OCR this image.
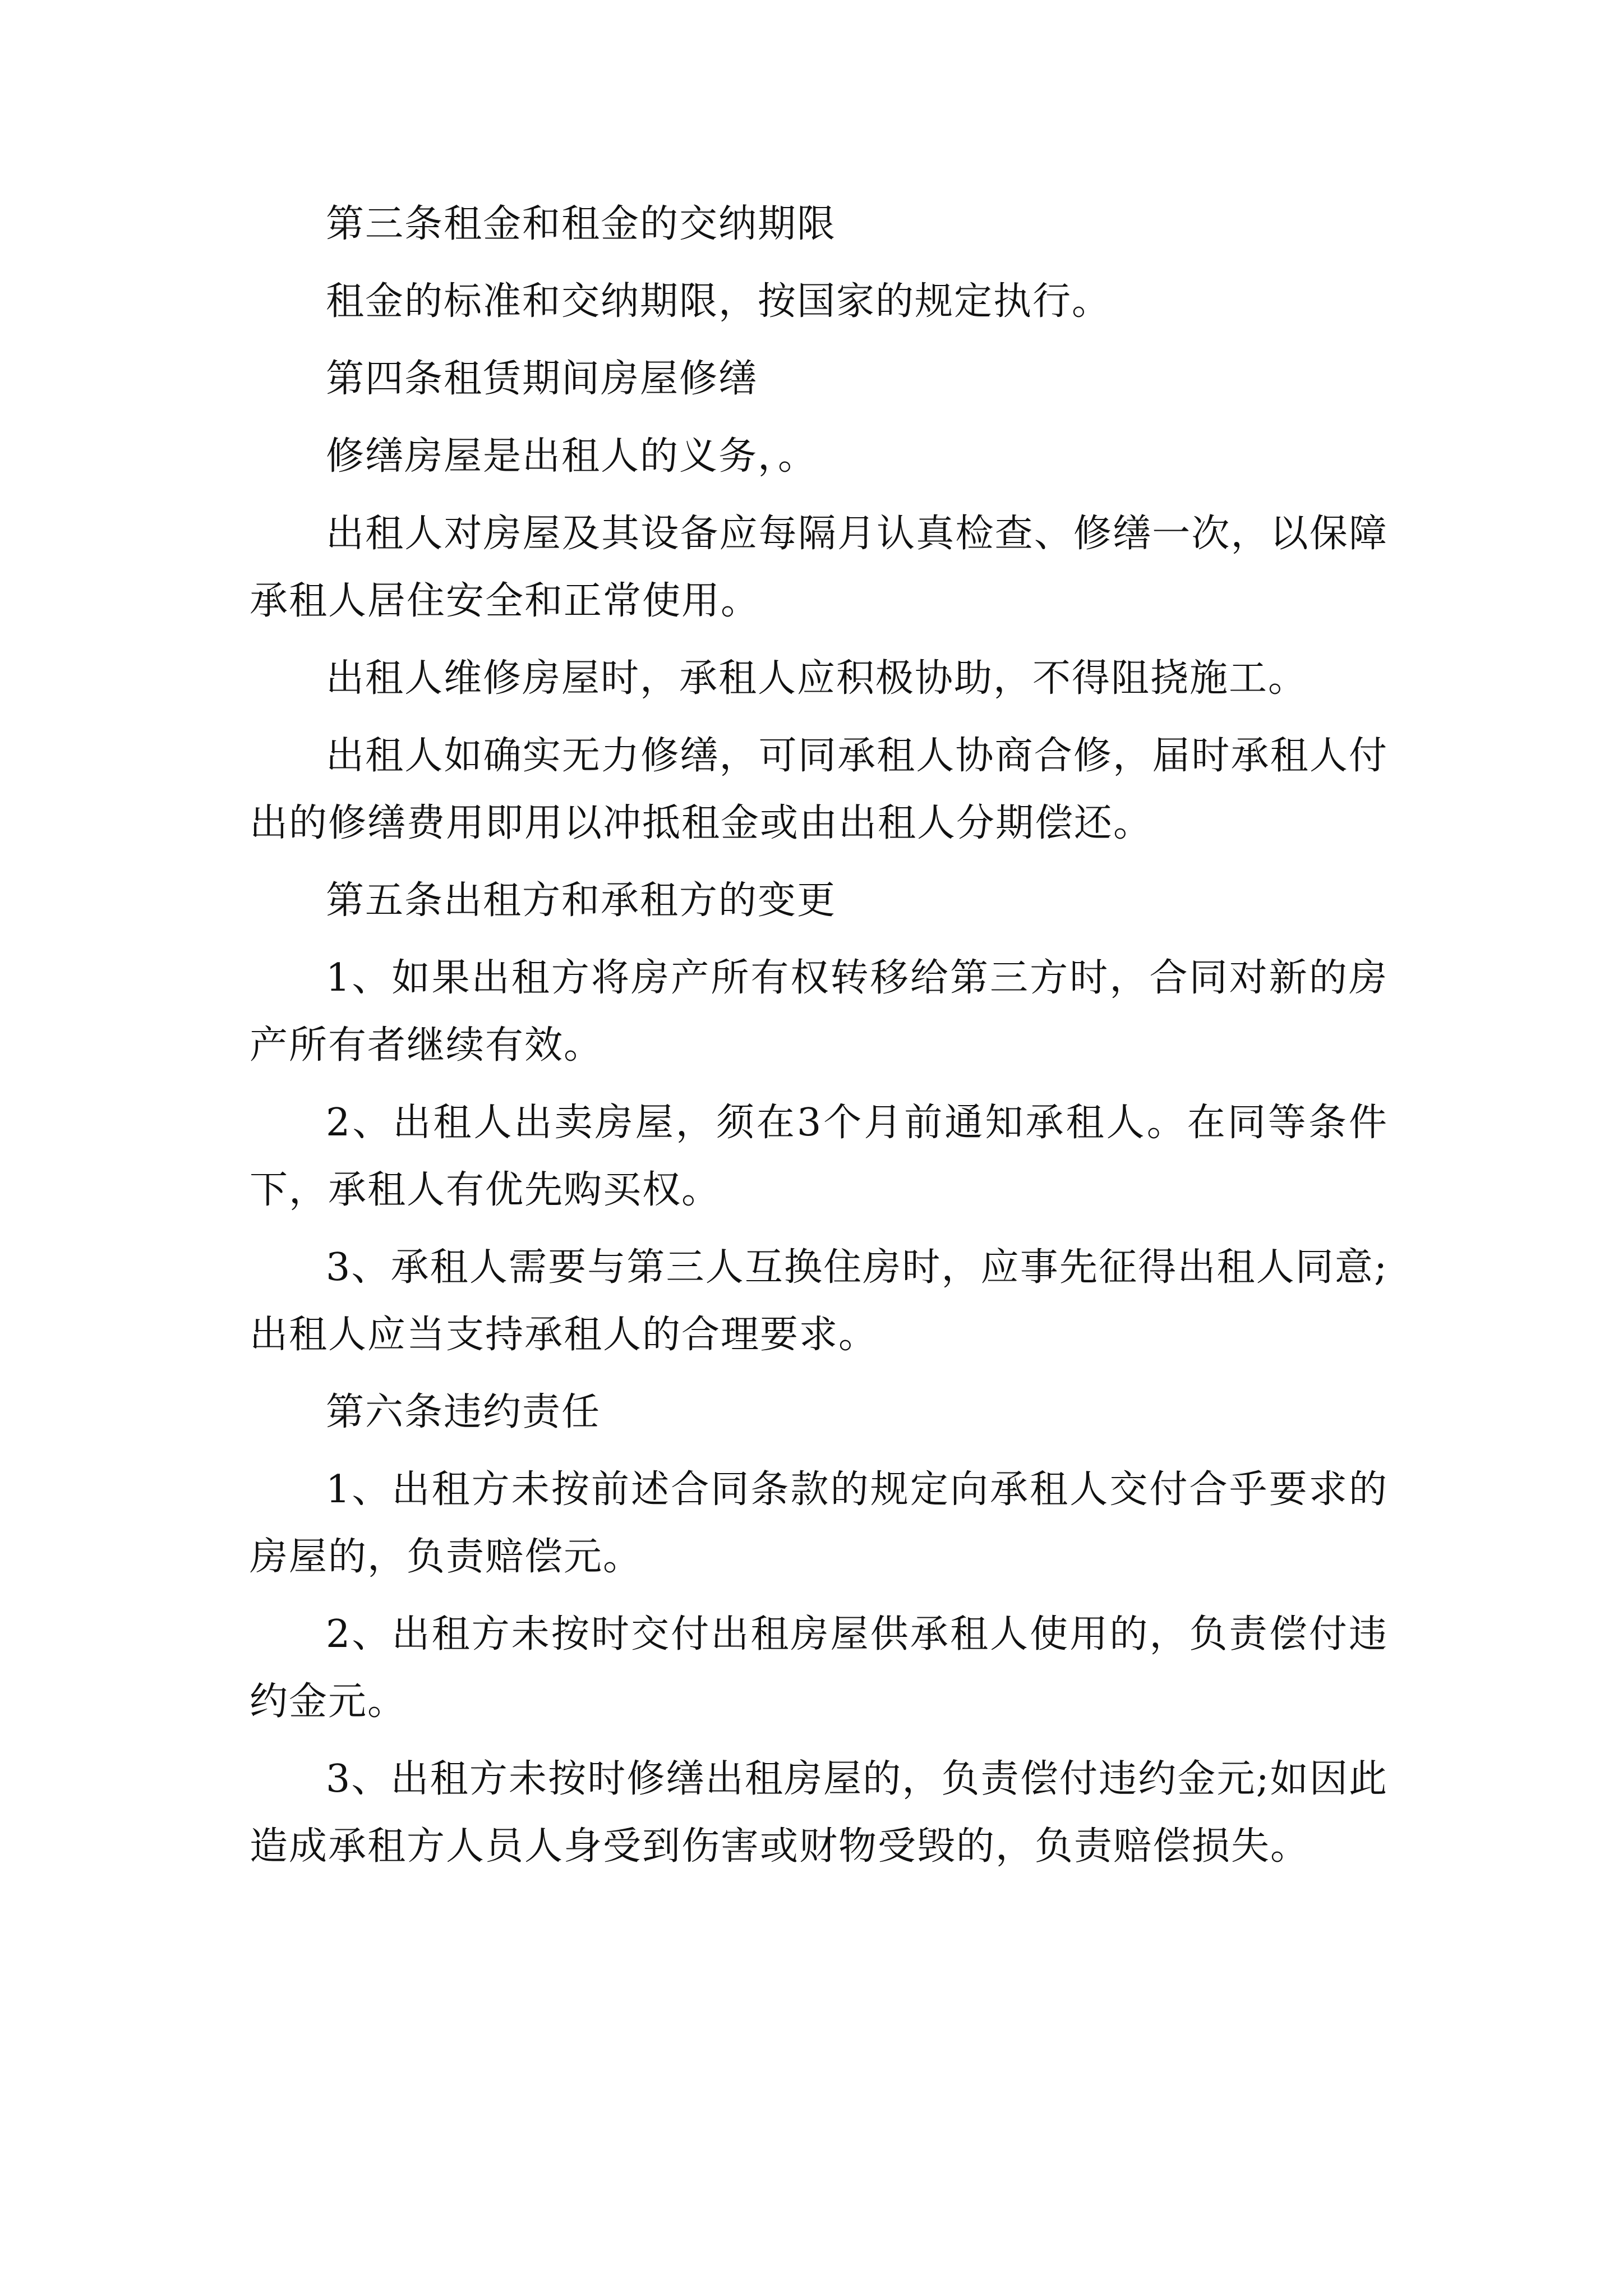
第三条租金和租金的交纳期限

租金的标准和交纳期限，按国家的规定执行。

第四条租赁期间房屋修缮

修缮房屋是出租人的义务，。

出租人对房屋及其设备应每隔月认真检查、修缮一次，以保障承租人居住安全和正常使用。

出租人维修房屋时，承租人应积极协助，不得阻挠施工。

出租人如确实无力修缮，可同承租人协商合修，届时承租人付出的修缮费用即用以冲抵租金或由出租人分期偿还。

第五条出租方和承租方的变更

1、如果出租方将房产所有权转移给第三方时，合同对新的房产所有者继续有效。

2、出租人出卖房屋，须在3个月前通知承租人。在同等条件下，承租人有优先购买权。

3、承租人需要与第三人互换住房时，应事先征得出租人同意;出租人应当支持承租人的合理要求。

第六条违约责任

1、出租方未按前述合同条款的规定向承租人交付合乎要求的房屋的，负责赔偿元。

2、出租方未按时交付出租房屋供承租人使用的，负责偿付违约金元。

3、出租方未按时修缮出租房屋的，负责偿付违约金元;如因此造成承租方人员人身受到伤害或财物受毁的，负责赔偿损失。
